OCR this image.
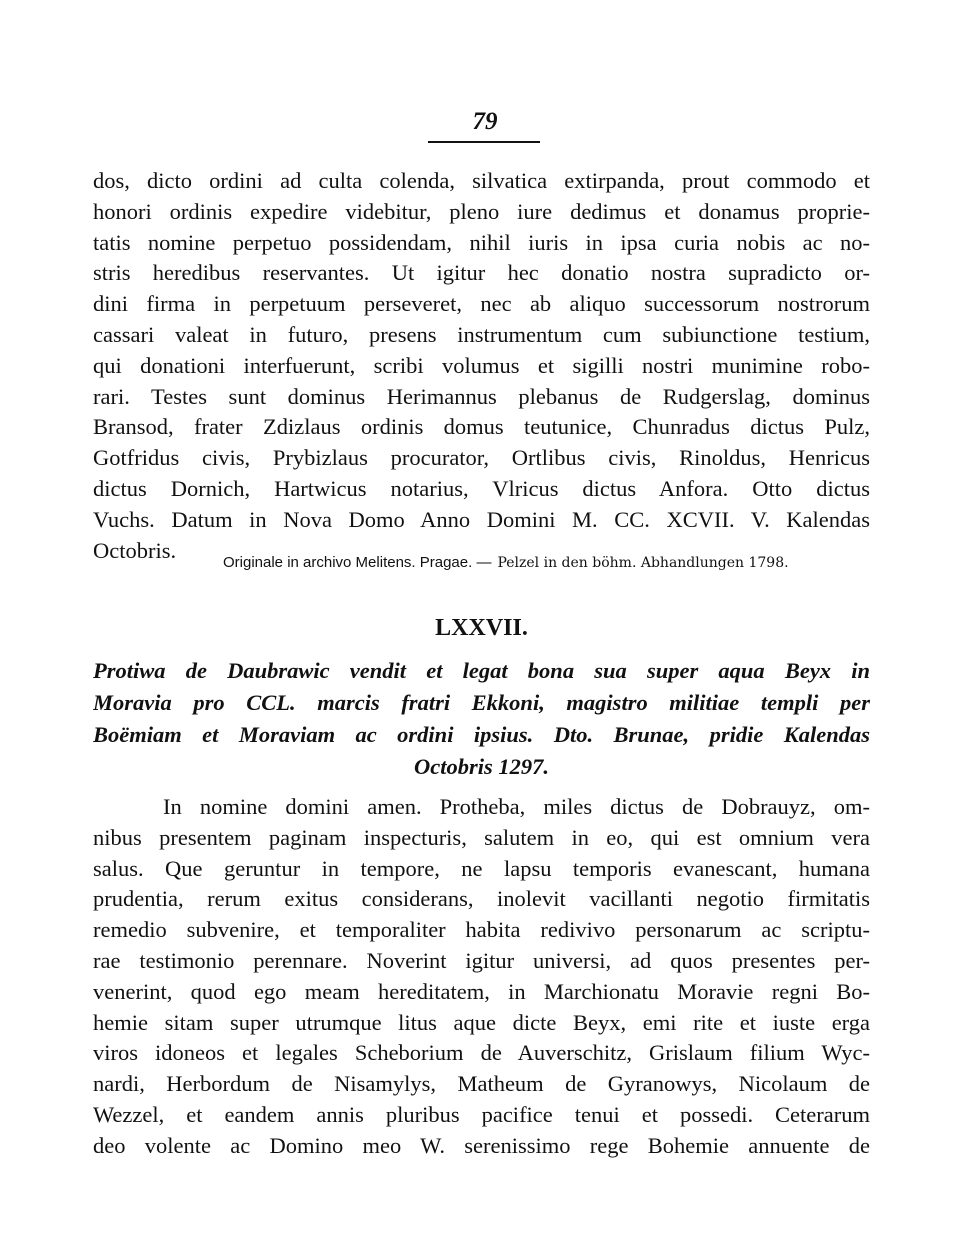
79
dos, dicto ordini ad culta colenda, silvatica extirpanda, prout commodo et
honori ordinis expedire videbitur, pleno iure dedimus et donamus proprie-
tatis nomine perpetuo possidendam, nihil iuris in ipsa curia nobis ac no-
stris heredibus reservantes. Ut igitur hec donatio nostra supradicto or-
dini firma in perpetuum perseveret, nec ab aliquo successorum nostrorum
cassari valeat in futuro, presens instrumentum cum subiunctione testium,
qui donationi interfuerunt, scribi volumus et sigilli nostri munimine robo-
rari. Testes sunt dominus Herimannus plebanus de Rudgerslag, dominus
Bransod, frater Zdizlaus ordinis domus teutunice, Chunradus dictus Pulz,
Gotfridus civis, Prybizlaus procurator, Ortlibus civis, Rinoldus, Henricus
dictus Dornich, Hartwicus notarius, Vlricus dictus Anfora. Otto dictus
Vuchs. Datum in Nova Domo Anno Domini M. CC. XCVII. V. Kalendas
Octobris.	Originale in archivo Melitens. Pragae. — Pelzel in den böhm. Abhandlungen 1798.
LXXVII.
Protiwa de Daubrawic vendit et legat bona sua super aqua Beyx in
Moravia pro CCL. marcis fratri Ekkoni, magistro militiae templi per
Boëmiam et Moraviam ac ordini ipsius. Dto. Brunae, pridie Kalendas
Octobris 1297.
In nomine domini amen. Protheba, miles dictus de Dobrauyz, om-
nibus presentem paginam inspecturis, salutem in eo, qui est omnium vera
salus. Que geruntur in tempore, ne lapsu temporis evanescant, humana
prudentia, rerum exitus considerans, inolevit vacillanti negotio firmitatis
remedio subvenire, et temporaliter habita redivivo personarum ac scriptu-
rae testimonio perennare. Noverint igitur universi, ad quos presentes per-
venerint, quod ego meam hereditatem, in Marchionatu Moravie regni Bo-
hemie sitam super utrumque litus aque dicte Beyx, emi rite et iuste erga
viros idoneos et legales Scheborium de Auverschitz, Grislaum filium Wyc-
nardi, Herbordum de Nisamylys, Matheum de Gyranowys, Nicolaum de
Wezzel, et eandem annis pluribus pacifice tenui et possedi. Ceterarum
deo volente ac Domino meo W. serenissimo rege Bohemie annuente de
